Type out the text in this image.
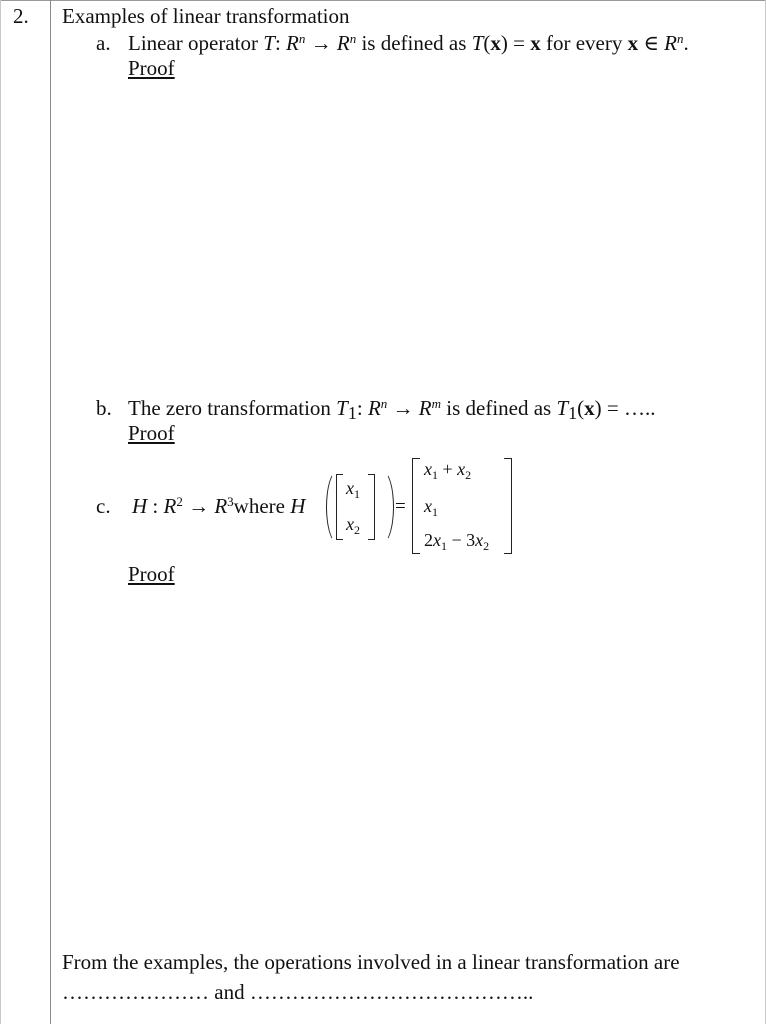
2. Examples of linear transformation
a. Linear operator T: $R^n \to R^n$ is defined as T(x) = x for every x ∈ $R^n$.
Proof
b. The zero transformation $T_1$: $R^n \to R^m$ is defined as $T_1(x)$ = …..
Proof
c. H : $R^2$ → $R^3where$ H
$x_1$
$x_2$
=
$x_1 + x_2$
$x_1$
$2x_1 - 3x_2$
Proof
From the examples, the operations involved in a linear transformation are
………………… and …………………………………..
